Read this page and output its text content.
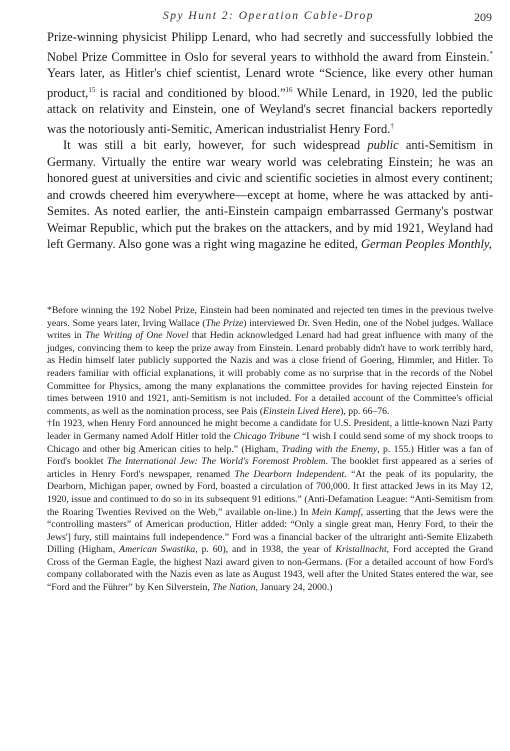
Spy Hunt 2: Operation Cable-Drop	209

Prize-winning physicist Philipp Lenard, who had secretly and successfully lobbied the Nobel Prize Committee in Oslo for several years to withhold the award from Einstein.* Years later, as Hitler's chief scientist, Lenard wrote “Science, like every other human product,$^{15}$ is racial and conditioned by blood.”$^{16}$ While Lenard, in 1920, led the public attack on relativity and Einstein, one of Weyland's secret financial backers reportedly was the notoriously anti-Semitic, American industrialist Henry Ford.†

It was still a bit early, however, for such widespread public anti-Semitism in Germany. Virtually the entire war weary world was celebrating Einstein; he was an honored guest at universities and civic and scientific societies in almost every continent; and crowds cheered him everywhere—except at home, where he was attacked by anti-Semites. As noted earlier, the anti-Einstein campaign embarrassed Germany's postwar Weimar Republic, which put the brakes on the attackers, and by mid 1921, Weyland had left Germany. Also gone was a right wing magazine he edited, German Peoples Monthly,

*Before winning the 192 Nobel Prize, Einstein had been nominated and rejected ten times in the previous twelve years. Some years later, Irving Wallace (The Prize) interviewed Dr. Sven Hedin, one of the Nobel judges. Wallace writes in The Writing of One Novel that Hedin acknowledged Lenard had had great influence with many of the judges, convincing them to keep the prize away from Einstein. Lenard probably didn't have to work terribly hard, as Hedin himself later publicly supported the Nazis and was a close friend of Goering, Himmler, and Hitler. To readers familiar with official explanations, it will probably come as no surprise that in the records of the Nobel Committee for Physics, among the many explanations the committee provides for having rejected Einstein for times between 1910 and 1921, anti-Semitism is not included. For a detailed account of the Committee's official comments, as well as the nomination process, see Pais (Einstein Lived Here), pp. 66–76.

†In 1923, when Henry Ford announced he might become a candidate for U.S. President, a little-known Nazi Party leader in Germany named Adolf Hitler told the Chicago Tribune “I wish I could send some of my shock troops to Chicago and other big American cities to help.” (Higham, Trading with the Enemy, p. 155.) Hitler was a fan of Ford's booklet The International Jew: The World's Foremost Problem. The booklet first appeared as a series of articles in Henry Ford's newspaper, renamed The Dearborn Independent. “At the peak of its popularity, the Dearborn, Michigan paper, owned by Ford, boasted a circulation of 700,000. It first attacked Jews in its May 12, 1920, issue and continued to do so in its subsequent 91 editions.” (Anti-Defamation League: “Anti-Semitism from the Roaring Twenties Revived on the Web,” available on-line.) In Mein Kampf, asserting that the Jews were the “controlling masters” of American production, Hitler added: “Only a single great man, Henry Ford, to their the Jews'] fury, still maintains full independence.” Ford was a financial backer of the ultraright anti-Semite Elizabeth Dilling (Higham, American Swastika, p. 60), and in 1938, the year of Kristallnacht, Ford accepted the Grand Cross of the German Eagle, the highest Nazi award given to non-Germans. (For a detailed account of how Ford's company collaborated with the Nazis even as late as August 1943, well after the United States entered the war, see “Ford and the Führer” by Ken Silverstein, The Nation, January 24, 2000.)
